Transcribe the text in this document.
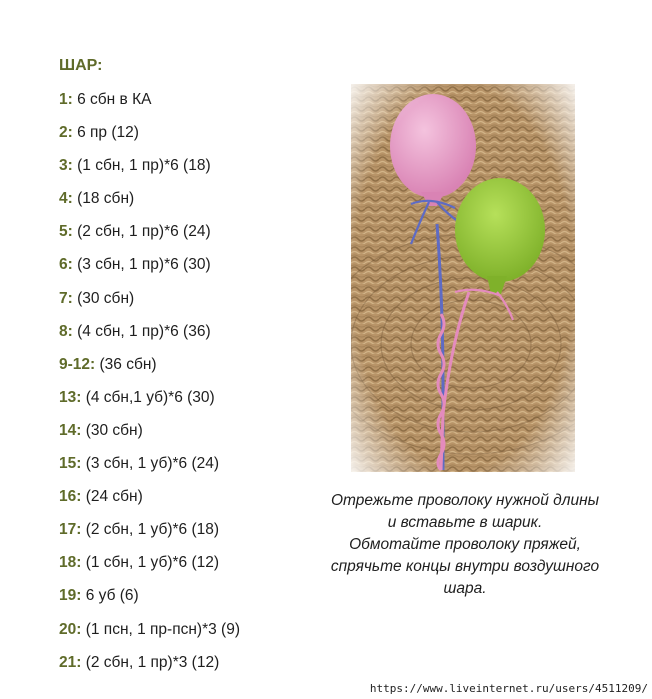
ШАР:
1: 6 сбн в КА
2: 6 пр (12)
3: (1 сбн, 1 пр)*6 (18)
4: (18 сбн)
5: (2 сбн, 1 пр)*6 (24)
6: (3 сбн, 1 пр)*6 (30)
7: (30 сбн)
8: (4 сбн, 1 пр)*6 (36)
9-12: (36 сбн)
13: (4 сбн,1 уб)*6 (30)
14: (30 сбн)
15: (3 сбн, 1 уб)*6 (24)
16: (24 сбн)
17: (2 сбн, 1 уб)*6 (18)
18: (1 сбн, 1 уб)*6 (12)
19: 6 уб (6)
20: (1 псн, 1 пр-псн)*3 (9)
21: (2 сбн, 1 пр)*3 (12)
Отрежьте проволоку нужной длины
и вставьте в шарик.
Обмотайте проволоку пряжей,
спрячьте концы внутри воздушного
шара.
https://www.liveinternet.ru/users/4511209/
